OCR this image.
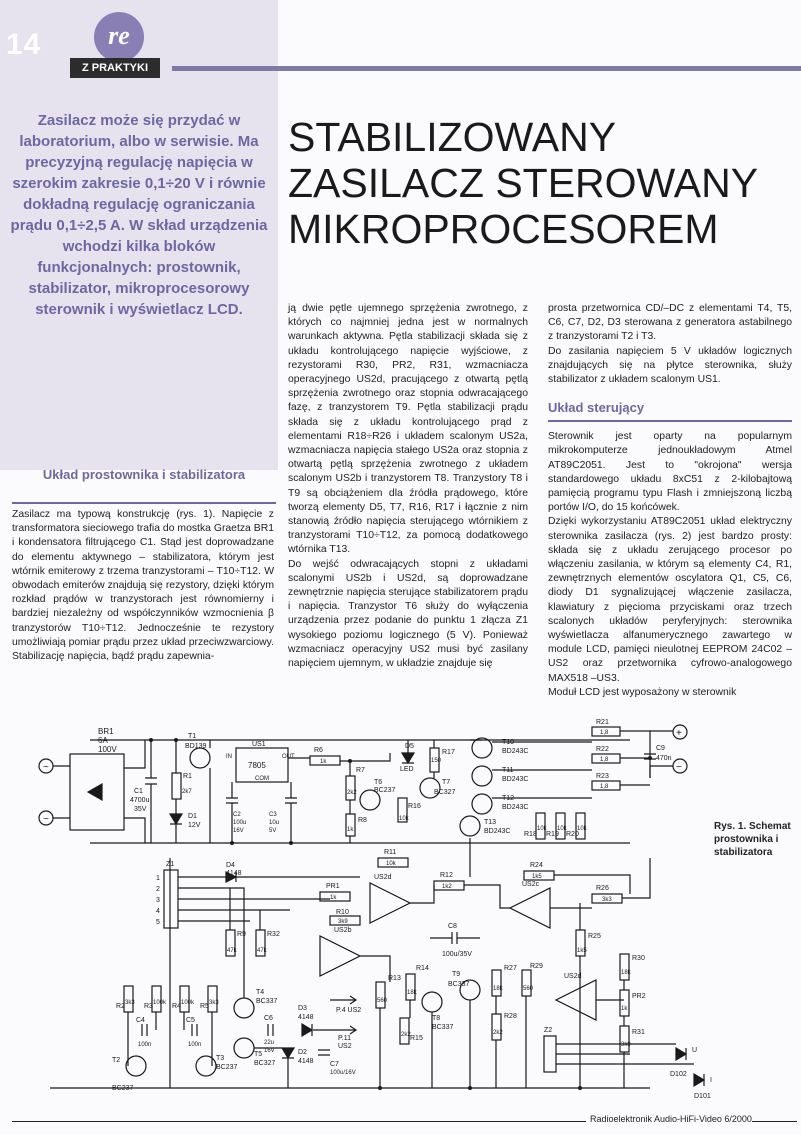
14	re
Z PRAKTYKI

Zasilacz może się przydać w laboratorium, albo w serwisie. Ma precyzyjną regulację napięcia w szerokim zakresie 0,1÷20 V i równie dokładną regulację ograniczania prądu 0,1÷2,5 A. W skład urządzenia wchodzi kilka bloków funkcjonalnych: prostownik, stabilizator, mikroprocesorowy sterownik i wyświetlacz LCD.

STABILIZOWANY ZASILACZ STEROWANY MIKROPROCESOREM
Układ prostownika i stabilizatora

Zasilacz ma typową konstrukcję (rys. 1). Napięcie z transformatora sieciowego trafia do mostka Graetza BR1 i kondensatora filtrującego C1. Stąd jest doprowadzane do elementu aktywnego – stabilizatora, którym jest wtórnik emiterowy z trzema tranzystorami – T10÷T12. W obwodach emiterów znajdują się rezystory, dzięki którym rozkład prądów w tranzystorach jest równomierny i bardziej niezależny od współczynników wzmocnienia β tranzystorów T10÷T12. Jednocześnie te rezystory umożliwiają pomiar prądu przez układ przeciwzwarciowy.

Stabilizację napięcia, bądź prądu zapewnia-

ją dwie pętle ujemnego sprzężenia zwrotnego, z których co najmniej jedna jest w normalnych warunkach aktywna. Pętla stabilizacji składa się z układu kontrolującego napięcie wyjściowe, z rezystorami R30, PR2, R31, wzmacniacza operacyjnego US2d, pracującego z otwartą pętlą sprzężenia zwrotnego oraz stopnia odwracającego fazę, z tranzystorem T9. Pętla stabilizacji prądu składa się z układu kontrolującego prąd z elementami R18÷R26 i układem scalonym US2a, wzmacniacza napięcia stałego US2a oraz stopnia z otwartą pętlą sprzężenia zwrotnego z układem scalonym US2b i tranzystorem T8. Tranzystory T8 i T9 są obciążeniem dla źródła prądowego, które tworzą elementy D5, T7, R16, R17 i łącznie z nim stanowią źródło napięcia sterującego wtórnikiem z tranzystorami T10÷T12, za pomocą dodatkowego wtórnika T13.

Do wejść odwracających stopni z układami scalonymi US2b i US2d, są doprowadzane zewnętrznie napięcia sterujące stabilizatorem prądu i napięcia. Tranzystor T6 służy do wyłączenia urządzenia przez podanie do punktu 1 złącza Z1 wysokiego poziomu logicznego (5 V). Ponieważ wzmacniacz operacyjny US2 musi być zasilany napięciem ujemnym, w układzie znajduje się

prosta przetwornica CD/–DC z elementami T4, T5, C6, C7, D2, D3 sterowana z generatora astabilnego z tranzystorami T2 i T3.

Do zasilania napięciem 5 V układów logicznych znajdujących się na płytce sterownika, służy stabilizator z układem scalonym US1.

Układ sterujący

Sterownik jest oparty na popularnym mikrokomputerze jednoukładowym Atmel AT89C2051. Jest to "okrojona" wersja standardowego układu 8xC51 z 2-kilobajtową pamięcią programu typu Flash i zmniejszoną liczbą portów I/O, do 15 końcówek.

Dzięki wykorzystaniu AT89C2051 układ elektryczny sterownika zasilacza (rys. 2) jest bardzo prosty: składa się z układu zerującego procesor po włączeniu zasilania, w którym są elementy C4, R1, zewnętrznych elementów oscylatora Q1, C5, C6, diody D1 sygnalizującej włączenie zasilacza, klawiatury z pięcioma przyciskami oraz trzech scalonych układów peryferyjnych: sterownika wyświetlacza alfanumerycznego zawartego w module LCD, pamięci nieulotnej EEPROM 24C02 –US2 oraz przetwornika cyfrowo-analogowego MAX518 –US3.

Moduł LCD jest wyposażony w sterownik

~
~
BR1
6A
100V
C1
4700u
35V
T1
BD139
R1
2k7
D1
12V
US1
7805
IN	OUT
COM
C2
100u
16V
C3
10u
5V
R6
1k
D5
LED
R17
150
T7
BC327
R16
10k
R7
2k2
T6
BC237
R8
1k
T10
BD243C
T11
BD243C
T12
BD243C
T13
BD243C
R21
1,8
R22
1,8
R23
1,8
C9
470n
+
−
R18
10k
R19
10k
R20
10k
Z1
1
2
3
4
5
D4
4148
R11
10k
R12
1k2
R24
1k5
PR1
1k
R10
3k9
US2d
US2c
R26
3k3
C8
100u/35V
R9
47k
R32
47k
US2b
R25
1k5
R30
18k
PR2
1k
R31
3k9
R2 3k3 R3 100k R4 100k R5 3k3
C4
100n
C5
100n
T2
BC237
T3
BC237
T4
BC337
T5
BC327
C6
22u
16V
D3
4148
D2
4148 C7
100u/16V
P.4 US2
P.11
US2
R13
560
R14
18k
R15
2k2
T8
BC337
T9
BC337
R27
18k
R28
2k2
R29
560
US2d
Z2
D102
U
D101
I

Rys. 1. Schemat prostownika i stabilizatora

Radioelektronik Audio-HiFi-Video 6/2000
